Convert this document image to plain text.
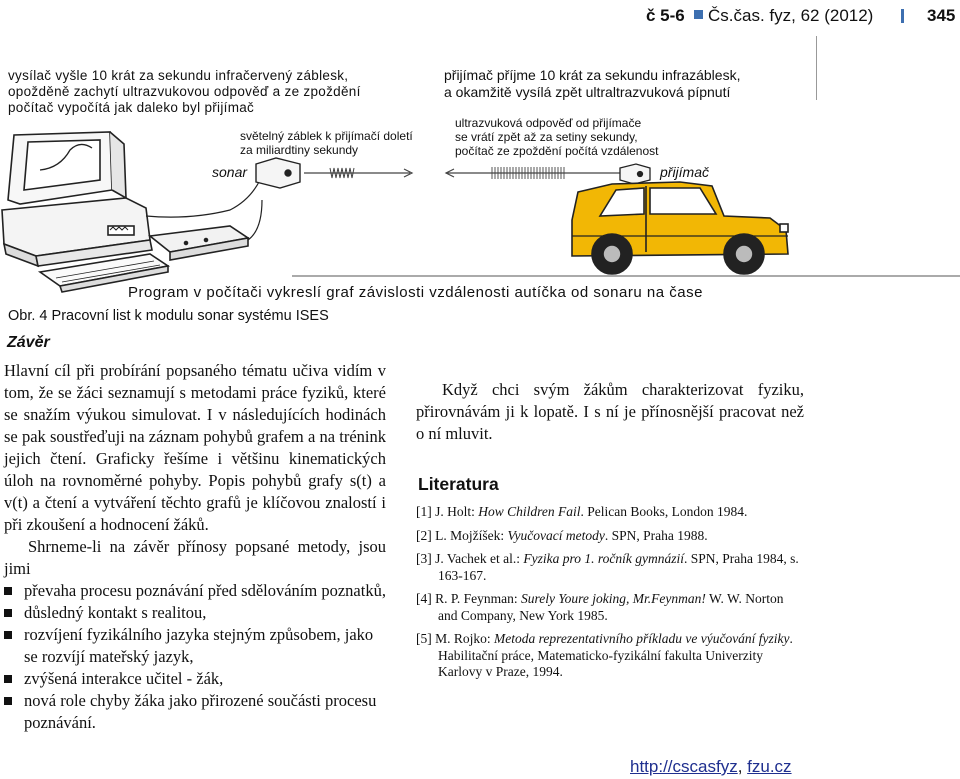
č 5-6 Čs.čas. fyz, 62 (2012)	345
vysílač vyšle 10 krát za sekundu infračervený záblesk,
opožděně zachytí ultrazvukovou odpověď a ze zpoždění
počítač vypočítá jak daleko byl přijímač
světelný záblek k přijímačí doletí
za miliardtiny sekundy
sonar
přijímač příjme 10 krát za sekundu infrazáblesk,
a okamžitě vysílá zpět ultraltrazvuková pípnutí
ultrazvuková odpověď od přijímače
se vrátí zpět až za setiny sekundy,
počítač ze zpoždění počítá vzdálenost
přijímač
Program v počítači vykreslí graf závislosti vzdálenosti autíčka od sonaru na čase
Obr. 4 Pracovní list k modulu sonar systému ISES
Závěr

Hlavní cíl při probírání popsaného tématu učiva vidím v tom, že se žáci seznamují s metodami práce fyziků, které se snažím výukou simulovat. I v následujících hodinách se pak soustřeďuji na záznam pohybů grafem a na trénink jejich čtení. Graficky řešíme i většinu kinematických úloh na rovnoměrné pohyby. Popis pohybů grafy s(t) a v(t) a čtení a vytváření těchto grafů je klíčovou znalostí i při zkoušení a hodnocení žáků.

Shrneme-li na závěr přínosy popsané metody, jsou jimi

převaha procesu poznávání před sdělováním poznatků,
důsledný kontakt s realitou,
rozvíjení fyzikálního jazyka stejným způsobem, jako se rozvíjí mateřský jazyk,
zvýšená interakce učitel - žák,
nová role chyby žáka jako přirozené součásti procesu poznávání.

Když chci svým žákům charakterizovat fyziku, přirovnávám ji k lopatě. I s ní je přínosnější pracovat než o ní mluvit.

Literatura
[1] J. Holt: How Children Fail. Pelican Books, London 1984.
[2] L. Mojžíšek: Vyučovací metody. SPN, Praha 1988.
[3] J. Vachek et al.: Fyzika pro 1. ročník gymnázií. SPN, Praha 1984, s. 163-167.
[4] R. P. Feynman: Surely Youre joking, Mr.Feynman! W. W. Norton and Company, New York 1985.
[5] M. Rojko: Metoda reprezentativního příkladu ve výučování fyziky. Habilitační práce, Matematicko-fyzikální fakulta Univerzity Karlovy v Praze, 1994.
http://cscasfyz, fzu.cz
